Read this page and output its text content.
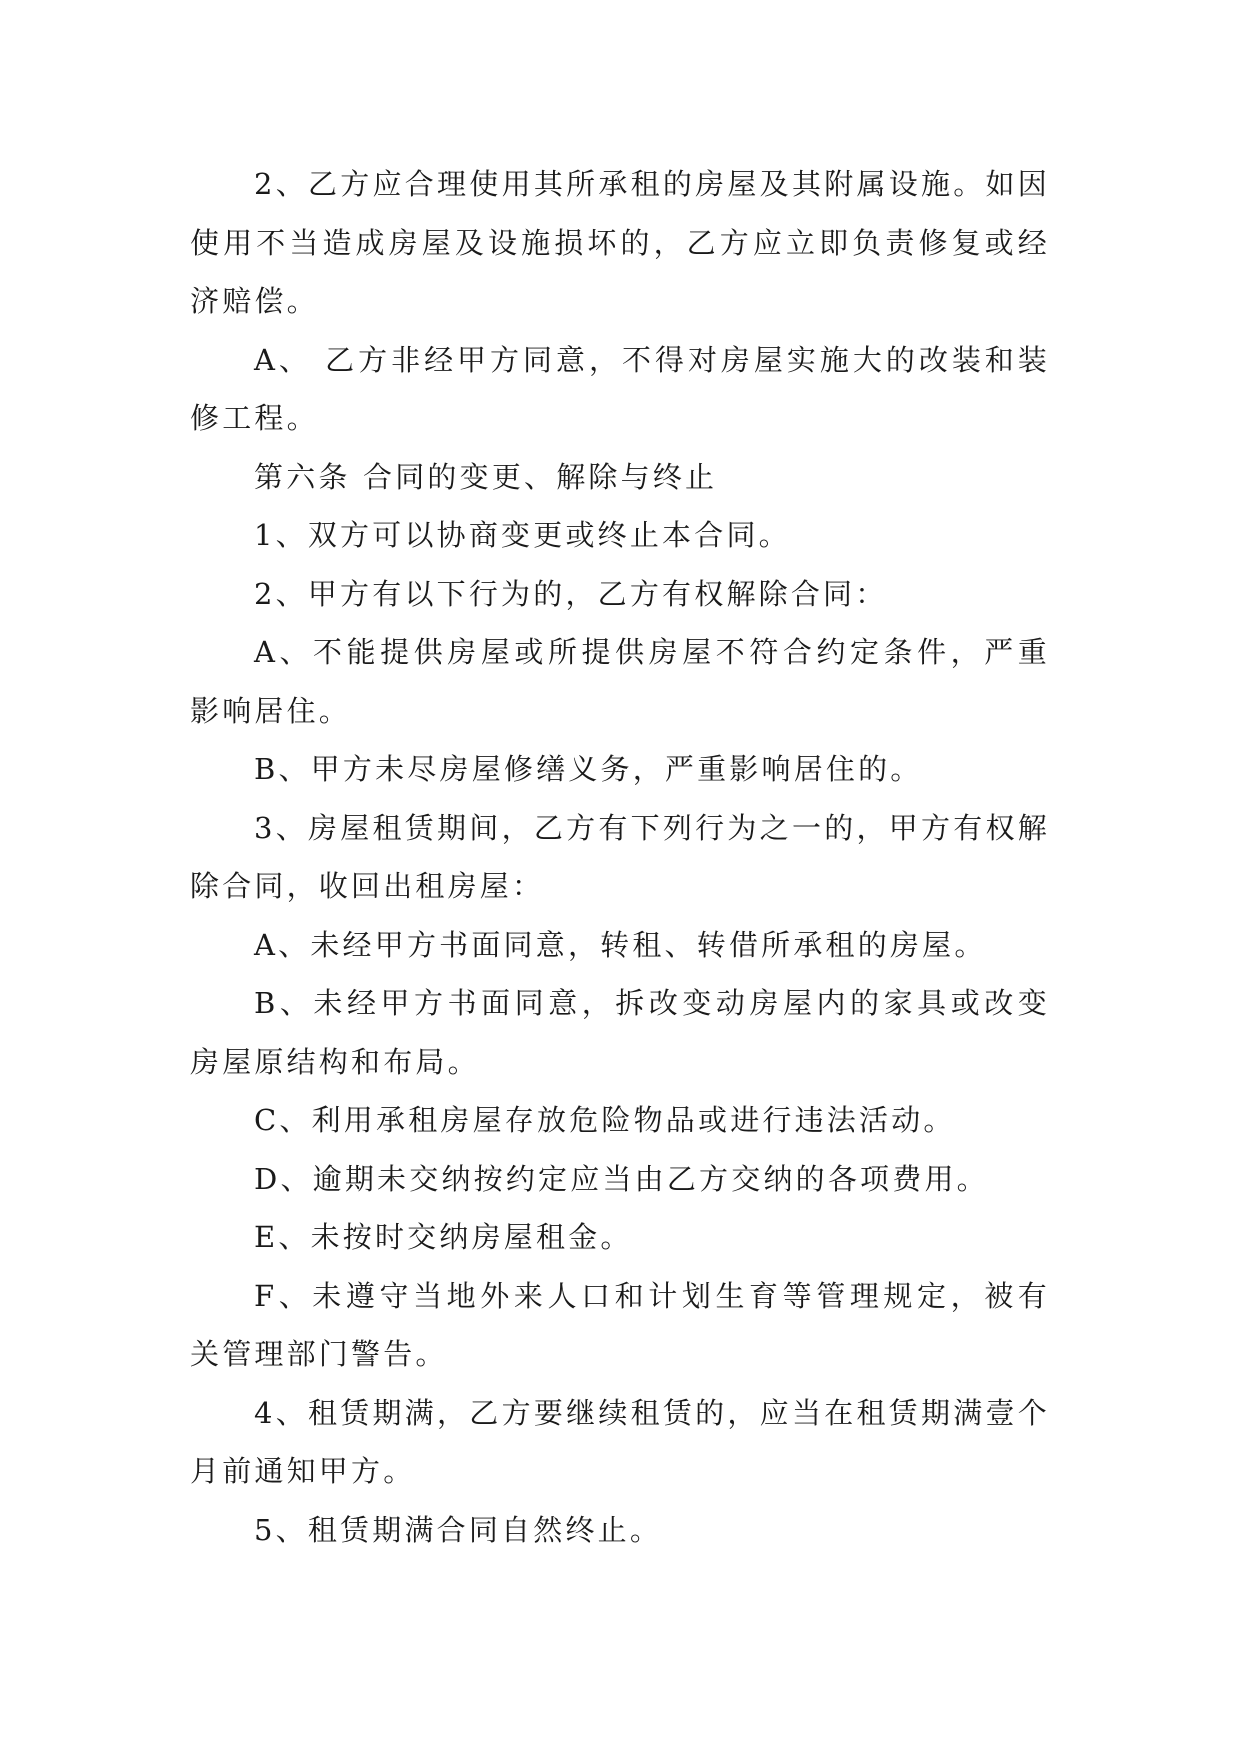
2、乙方应合理使用其所承租的房屋及其附属设施。如因使用不当造成房屋及设施损坏的，乙方应立即负责修复或经济赔偿。

A、 乙方非经甲方同意，不得对房屋实施大的改装和装修工程。

第六条 合同的变更、解除与终止

1、双方可以协商变更或终止本合同。

2、甲方有以下行为的，乙方有权解除合同：

A、不能提供房屋或所提供房屋不符合约定条件，严重影响居住。

B、甲方未尽房屋修缮义务，严重影响居住的。

3、房屋租赁期间，乙方有下列行为之一的，甲方有权解除合同，收回出租房屋：

A、未经甲方书面同意，转租、转借所承租的房屋。

B、未经甲方书面同意，拆改变动房屋内的家具或改变房屋原结构和布局。

C、利用承租房屋存放危险物品或进行违法活动。

D、逾期未交纳按约定应当由乙方交纳的各项费用。

E、未按时交纳房屋租金。

F、未遵守当地外来人口和计划生育等管理规定，被有关管理部门警告。

4、租赁期满，乙方要继续租赁的，应当在租赁期满壹个月前通知甲方。

5、租赁期满合同自然终止。
